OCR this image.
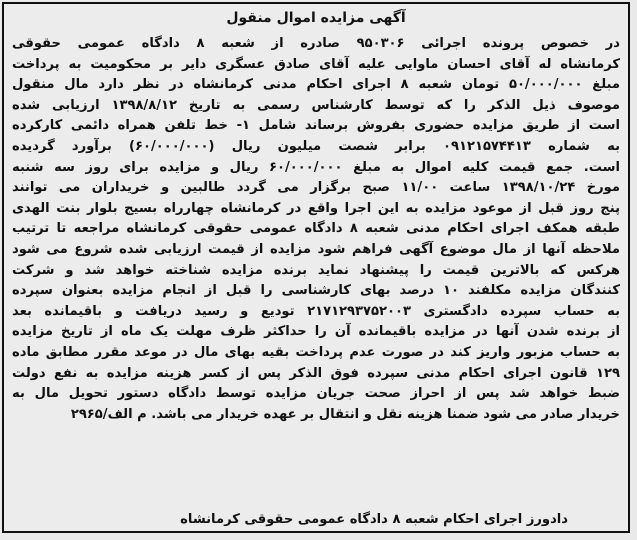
آگهی مزایده اموال منقول
در خصوص پرونده اجرائی ۹۵۰۳۰۶ صادره از شعبه ۸ دادگاه عمومی حقوقی
کرمانشاه له آقای احسان ماوایی علیه آقای صادق عسگری دایر بر محکومیت به پرداخت
مبلغ ۵۰/۰۰۰/۰۰۰ تومان شعبه ۸ اجرای احکام مدنی کرمانشاه در نظر دارد مال منقول
موصوف ذیل الذکر را که توسط کارشناس رسمی به تاریخ ۱۳۹۸/۸/۱۲ ارزیابی شده
است از طریق مزایده حضوری بفروش برساند شامل ۱- خط تلفن همراه دائمی کارکرده
به شماره ۰۹۱۲۱۵۷۴۴۱۳ برابر شصت میلیون ریال (۶۰/۰۰۰/۰۰۰) برآورد گردیده
است. جمع قیمت کلیه اموال به مبلغ ۶۰/۰۰۰/۰۰۰ ریال و مزایده برای روز سه شنبه
مورخ ۱۳۹۸/۱۰/۲۴ ساعت ۱۱/۰۰ صبح برگزار می گردد طالبین و خریداران می توانند
پنج روز قبل از موعود مزایده به این اجرا واقع در کرمانشاه چهارراه بسیج بلوار بنت الهدی
طبقه همکف اجرای احکام مدنی شعبه ۸ دادگاه عمومی حقوقی کرمانشاه مراجعه تا ترتیب
ملاحظه آنها از مال موضوع آگهی فراهم شود مزایده از قیمت ارزیابی شده شروع می شود
هرکس که بالاترین قیمت را پیشنهاد نماید برنده مزایده شناخته خواهد شد و شرکت
کنندگان مزایده مکلفند ۱۰ درصد بهای کارشناسی را قبل از انجام مزایده بعنوان سپرده
به حساب سپرده دادگستری ۲۱۷۱۲۹۳۷۵۲۰۰۳ تودیع و رسید دریافت و باقیمانده بعد
از برنده شدن آنها در مزایده باقیمانده آن را حداکثر ظرف مهلت یک ماه از تاریخ مزایده
به حساب مزبور واریز کند در صورت عدم پرداخت بقیه بهای مال در موعد مقرر مطابق ماده
۱۲۹ قانون اجرای احکام مدنی سپرده فوق الذکر پس از کسر هزینه مزایده به نفع دولت
ضبط خواهد شد پس از احراز صحت جریان مزایده توسط دادگاه دستور تحویل مال به
خریدار صادر می شود ضمنا هزینه نقل و انتقال بر عهده خریدار می باشد. م الف/۲۹۶۵
دادورز اجرای احکام شعبه ۸ دادگاه عمومی حقوقی کرمانشاه
